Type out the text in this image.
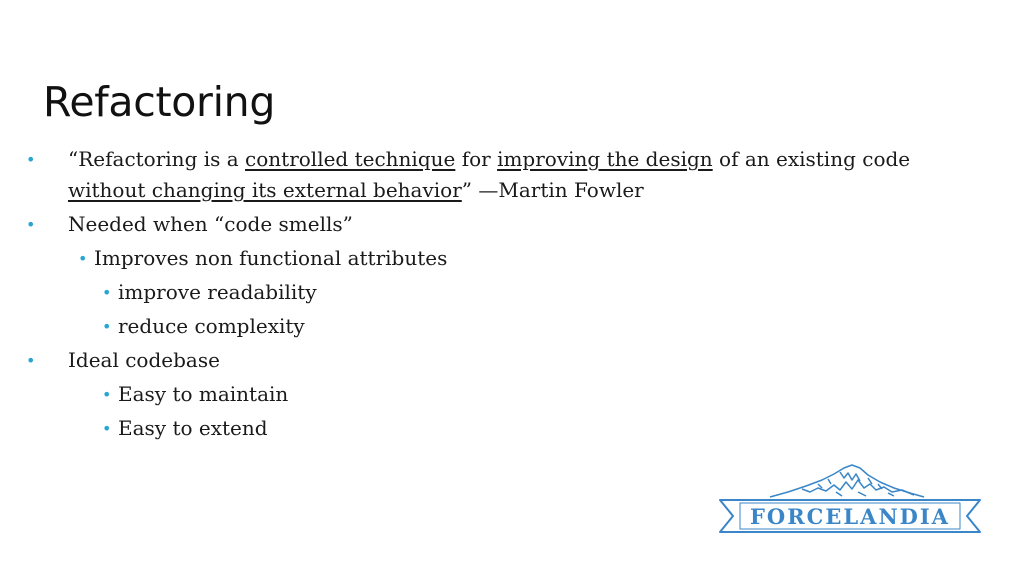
Refactoring
• “Refactoring is a controlled technique for improving the design of an existing code
without changing its external behavior” —Martin Fowler
• Needed when “code smells”
• Improves non functional attributes
• improve readability
• reduce complexity
• Ideal codebase
• Easy to maintain
• Easy to extend
FORCELANDIA
